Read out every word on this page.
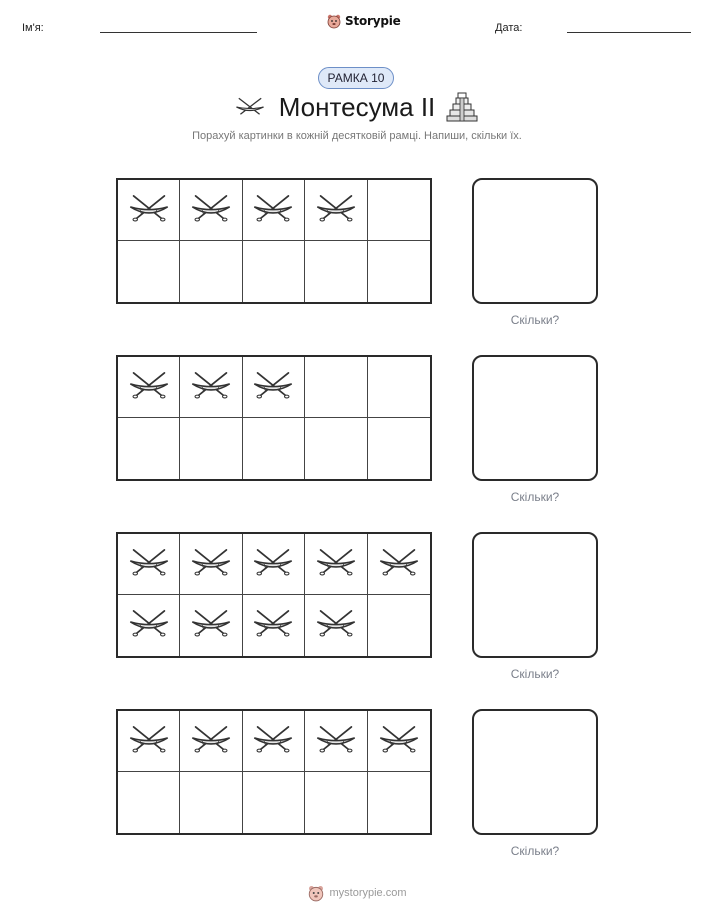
Ім'я:	Storypie	Дата:
РАМКА 10
Монтесума II
Порахуй картинки в кожній десятковій рамці. Напиши, скільки їх.
Скільки?
Скільки?
Скільки?
Скільки?
mystorypie.com
